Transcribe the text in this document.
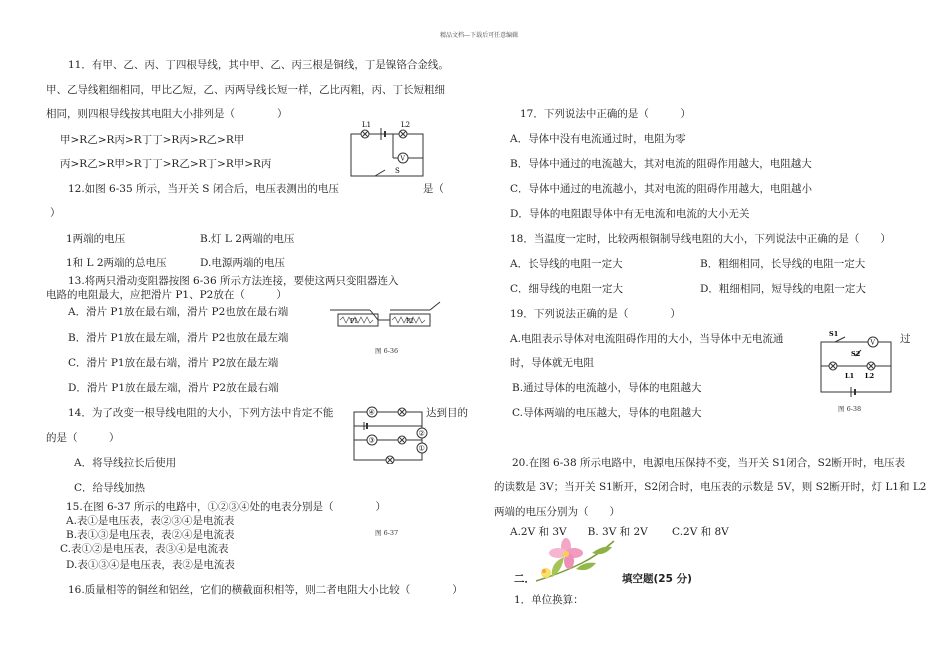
精品文档---下载后可任意编辑
11．有甲、乙、丙、丁四根导线，其中甲、乙、丙三根是铜线，丁是镍铬合金线。
甲、乙导线粗细相同，甲比乙短，乙、丙两导线长短一样，乙比丙粗，丙、丁长短粗细
相同，则四根导线按其电阻大小排列是（　　　　）
甲>R乙>R丙>R丁丁>R丙>R乙>R甲
丙>R乙>R甲>R丁丁>R乙>R丁>R甲>R丙
12.如图 6-35 所示，当开关 S 闭合后，电压表测出的电压　　　　　　　　是（
）
1两端的电压	B.灯 L 2两端的电压
1和 L 2两端的总电压	D.电源两端的电压
13.将两只滑动变阻器按图 6-36 所示方法连接，要使这两只变阻器连入
电路的电阻最大，应把滑片 P1、P2放在（　　　）
A．滑片 P1放在最右端，滑片 P2也放在最右端
B．滑片 P1放在最左端，滑片 P2也放在最左端
C．滑片 P1放在最右端，滑片 P2放在最左端
D．滑片 P1放在最左端，滑片 P2放在最右端
14．为了改变一根导线电阻的大小，下列方法中肯定不能	达到目的
的是（　　　）
A．将导线拉长后使用
C．给导线加热
15.在图 6-37 所示的电路中，①②③④处的电表分别是（　　　　）
A.表①是电压表，表②③④是电流表
B.表①③是电压表，表②④是电流表
C.表①②是电压表，表③④是电流表
D.表①③④是电压表，表②是电流表
16.质量相等的铜丝和铝丝，它们的横截面积相等，则二者电阻大小比较（　　　　）
17．下列说法中正确的是（　　　）
A．导体中没有电流通过时，电阻为零
B．导体中通过的电流越大，其对电流的阻碍作用越大，电阻越大
C．导体中通过的电流越小，其对电流的阻碍作用越大，电阻越小
D．导体的电阻跟导体中有无电流和电流的大小无关
18．当温度一定时，比较两根铜制导线电阻的大小，下列说法中正确的是（　　）
A．长导线的电阻一定大	B．粗细相同，长导线的电阻一定大
C．细导线的电阻一定大	D．粗细相同，短导线的电阻一定大
19．下列说法正确的是（　　　　）
A.电阻表示导体对电流阻碍作用的大小，当导体中无电流通	过
时，导体就无电阻
B.通过导体的电流越小，导体的电阻越大
C.导体两端的电压越大，导体的电阻越大
20.在图 6-38 所示电路中，电源电压保持不变，当开关 S1闭合，S2断开时，电压表
的读数是 3V；当开关 S1断开，S2闭合时，电压表的示数是 5V，则 S2断开时，灯 L1和 L2
两端的电压分别为（　　）
A.2V 和 3V　　B. 3V 和 2V　　 C.2V 和 8V
二．	填空题(25 分)
1．单位换算：
V
L1	L2
S
P1	P2
图 6-36
④
②
③
①
图 6-37
S1
V
S2
L1 L2
图 6-38
